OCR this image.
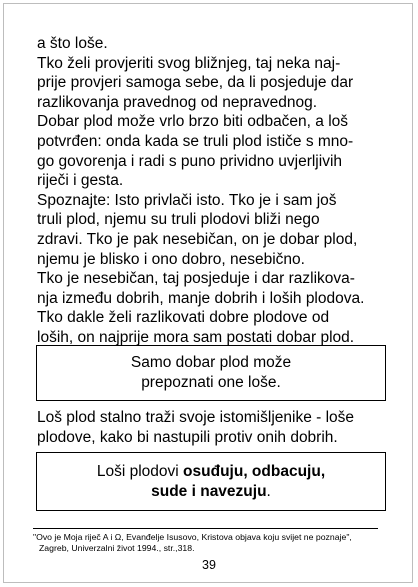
a što loše.
Tko želi provjeriti svog bližnjeg, taj neka naj-
prije provjeri samoga sebe, da li posjeduje dar
razlikovanja pravednog od nepravednog.
Dobar plod može vrlo brzo biti odbačen, a loš
potvrđen: onda kada se truli plod ističe s mno-
go govorenja i radi s puno prividno uvjerljivih
riječi i gesta.
Spoznajte: Isto privlači isto. Tko je i sam još
truli plod, njemu su truli plodovi bliži nego
zdravi. Tko je pak nesebičan, on je dobar plod,
njemu je blisko i ono dobro, nesebično.
Tko je nesebičan, taj posjeduje i dar razlikova-
nja između dobrih, manje dobrih i loših plodova.
Tko dakle želi razlikovati dobre plodove od
loših, on najprije mora sam postati dobar plod.
Samo dobar plod može
prepoznati one loše.
Loš plod stalno traži svoje istomišljenike - loše
plodove, kako bi nastupili protiv onih dobrih.
Loši plodovi osuđuju, odbacuju,
sude i navezuju.
"Ovo je Moja riječ A i Ω, Evanđelje Isusovo, Kristova objava koju svijet ne poznaje",
Zagreb, Univerzalni život 1994., str.,318.
39
